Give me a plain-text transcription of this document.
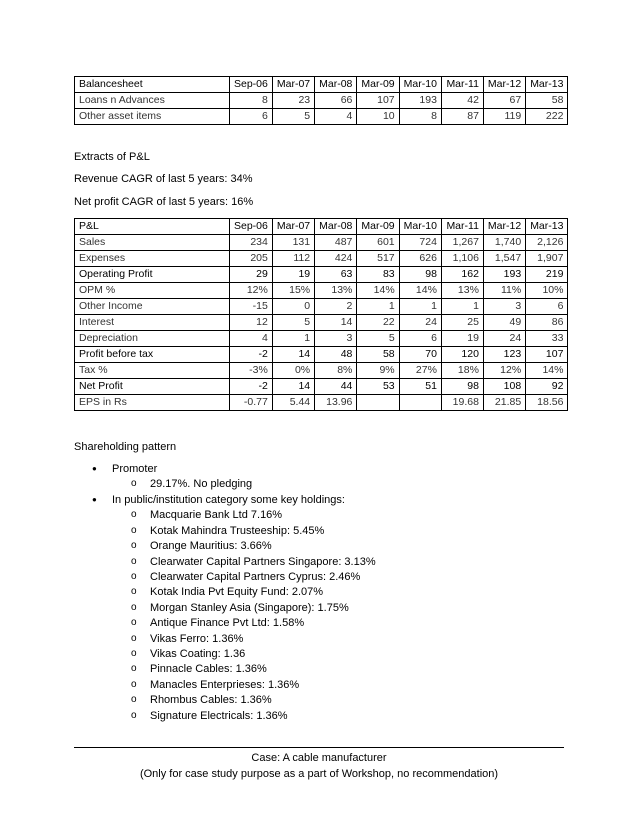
Balancesheet	Sep-06	Mar-07	Mar-08	Mar-09	Mar-10	Mar-11	Mar-12	Mar-13
Loans n Advances	8	23	66	107	193	42	67	58
Other asset items	6	5	4	10	8	87	119	222
Extracts of P&L
Revenue CAGR of last 5 years: 34%
Net profit CAGR of last 5 years: 16%
P&L	Sep-06	Mar-07	Mar-08	Mar-09	Mar-10	Mar-11	Mar-12	Mar-13
Sales	234	131	487	601	724	1,267	1,740	2,126
Expenses	205	112	424	517	626	1,106	1,547	1,907
Operating Profit	29	19	63	83	98	162	193	219
OPM %	12%	15%	13%	14%	14%	13%	11%	10%
Other Income	-15	0	2	1	1	1	3	6
Interest	12	5	14	22	24	25	49	86
Depreciation	4	1	3	5	6	19	24	33
Profit before tax	-2	14	48	58	70	120	123	107
Tax %	-3%	0%	8%	9%	27%	18%	12%	14%
Net Profit	-2	14	44	53	51	98	108	92
EPS in Rs	-0.77	5.44	13.96			19.68	21.85	18.56
Shareholding pattern
● Promoter
o 29.17%. No pledging
● In public/institution category some key holdings:
o Macquarie Bank Ltd 7.16%
o Kotak Mahindra Trusteeship: 5.45%
o Orange Mauritius: 3.66%
o Clearwater Capital Partners Singapore: 3.13%
o Clearwater Capital Partners Cyprus: 2.46%
o Kotak India Pvt Equity Fund: 2.07%
o Morgan Stanley Asia (Singapore): 1.75%
o Antique Finance Pvt Ltd: 1.58%
o Vikas Ferro: 1.36%
o Vikas Coating: 1.36
o Pinnacle Cables: 1.36%
o Manacles Enterprieses: 1.36%
o Rhombus Cables: 1.36%
o Signature Electricals: 1.36%
Case: A cable manufacturer
(Only for case study purpose as a part of Workshop, no recommendation)
